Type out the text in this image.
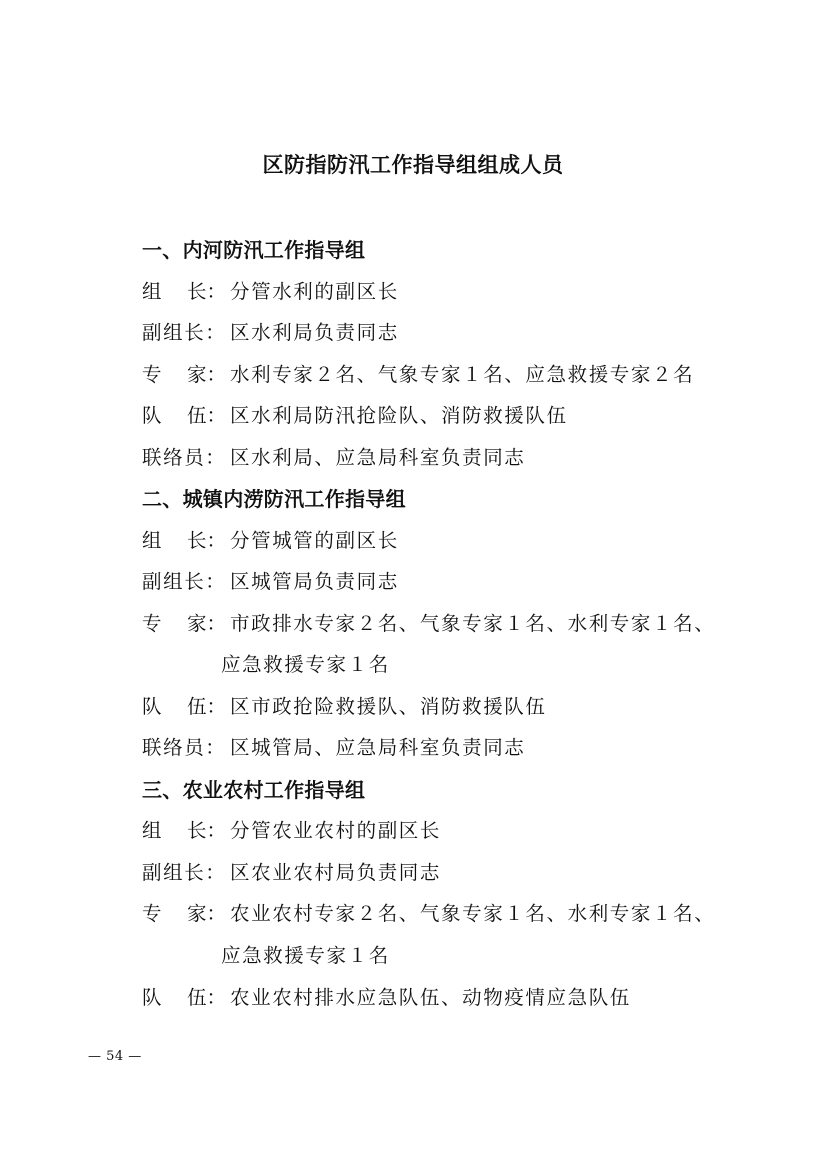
区防指防汛工作指导组组成人员
一、内河防汛工作指导组
组 长： 分管水利的副区长
副组长： 区水利局负责同志
专 家： 水利专家２名、气象专家１名、应急救援专家２名
队 伍： 区水利局防汛抢险队、消防救援队伍
联络员： 区水利局、应急局科室负责同志
二、城镇内涝防汛工作指导组
组 长： 分管城管的副区长
副组长： 区城管局负责同志
专 家： 市政排水专家２名、气象专家１名、水利专家１名、
应急救援专家１名
队 伍： 区市政抢险救援队、消防救援队伍
联络员： 区城管局、应急局科室负责同志
三、农业农村工作指导组
组 长： 分管农业农村的副区长
副组长： 区农业农村局负责同志
专 家： 农业农村专家２名、气象专家１名、水利专家１名、
应急救援专家１名
队 伍： 农业农村排水应急队伍、动物疫情应急队伍
— 54 —
